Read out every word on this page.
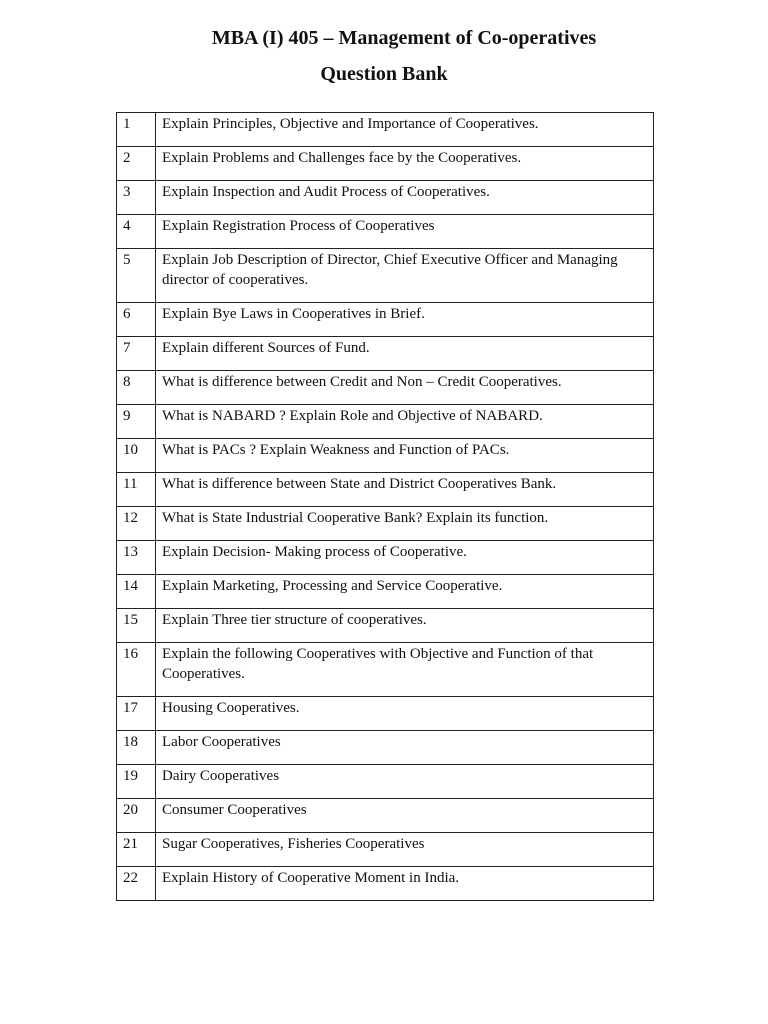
MBA (I) 405 – Management of Co-operatives
Question Bank
1	Explain Principles, Objective and Importance of Cooperatives.
2	Explain Problems and Challenges face by the Cooperatives.
3	Explain Inspection and Audit Process of Cooperatives.
4	Explain Registration Process of Cooperatives
5	Explain Job Description of Director, Chief Executive Officer and Managing director of cooperatives.
6	Explain Bye Laws in Cooperatives in Brief.
7	Explain different Sources of Fund.
8	What is difference between Credit and Non – Credit Cooperatives.
9	What is NABARD ? Explain Role and Objective of NABARD.
10	What is PACs ? Explain Weakness and Function of PACs.
11	What is difference between State and District Cooperatives Bank.
12	What is State Industrial Cooperative Bank? Explain its function.
13	Explain Decision- Making process of Cooperative.
14	Explain Marketing, Processing and Service Cooperative.
15	Explain Three tier structure of cooperatives.
16	Explain the following Cooperatives with Objective and Function of that Cooperatives.
17	Housing Cooperatives.
18	Labor Cooperatives
19	Dairy Cooperatives
20	Consumer Cooperatives
21	Sugar Cooperatives, Fisheries Cooperatives
22	Explain History of Cooperative Moment in India.
